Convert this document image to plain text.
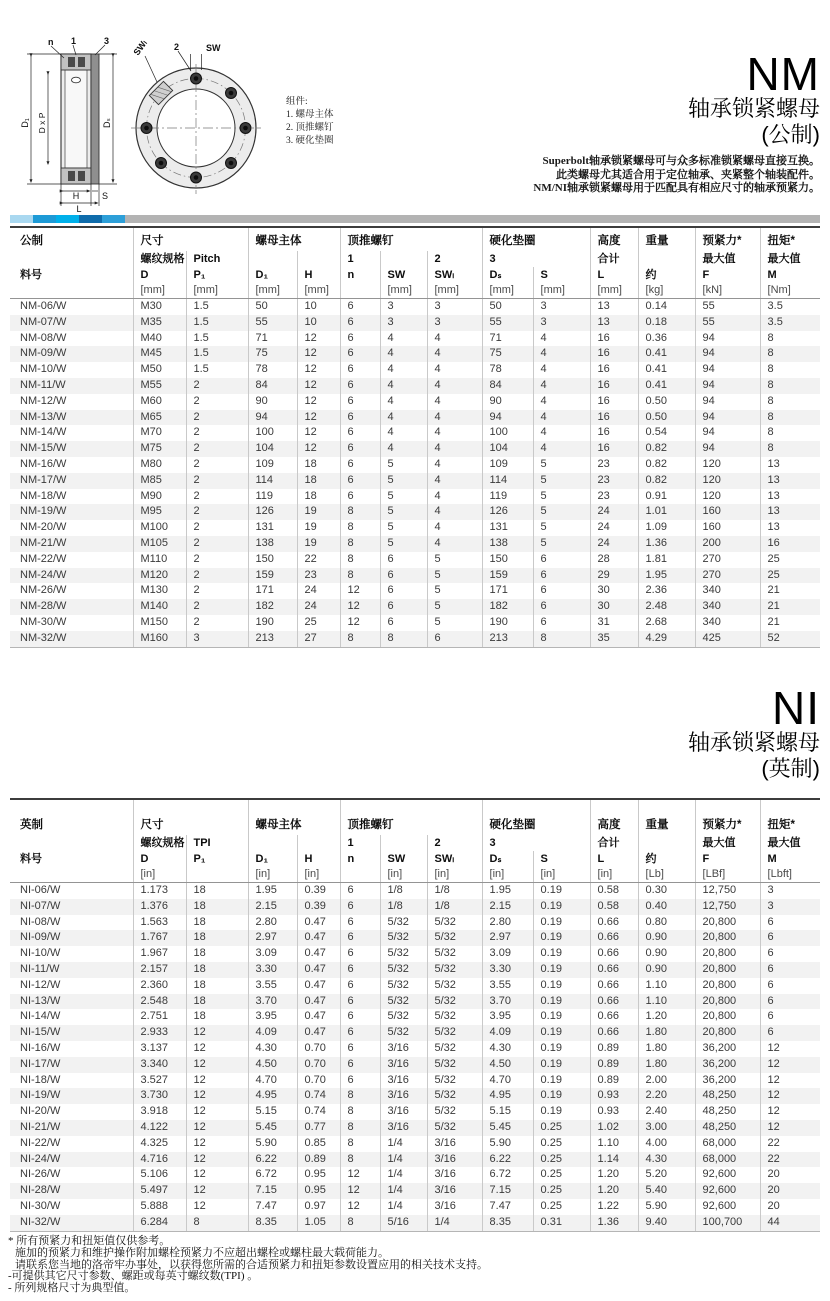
n 1	3
D₁ D x P	Dₛ
H	S
L
SWₗ	2	SW
组件:
1. 螺母主体
2. 顶推螺钉
3. 硬化垫圈
NM
轴承锁紧螺母
(公制)
Superbolt轴承锁紧螺母可与众多标准锁紧螺母直接互换。
此类螺母尤其适合用于定位轴承、夹紧整个轴装配件。
NM/NI轴承锁紧螺母用于匹配具有相应尺寸的轴承预紧力。
公制	尺寸		螺母主体		顶推螺钉			硬化垫圈		高度	重量	预紧力*	扭矩*
	螺纹规格	Pitch			1		2	3		合计		最大值	最大值
料号	D	P₁	D₁	H	n	SW	SWₗ	Dₛ	S	L	约	F	M
	[mm]	[mm]	[mm]	[mm]		[mm]	[mm]	[mm]	[mm]	[mm]	[kg]	[kN]	[Nm]
NM-06/W	M30	1.5	50	10	6	3	3	50	3	13	0.14	55	3.5
NM-07/W	M35	1.5	55	10	6	3	3	55	3	13	0.18	55	3.5
NM-08/W	M40	1.5	71	12	6	4	4	71	4	16	0.36	94	8
NM-09/W	M45	1.5	75	12	6	4	4	75	4	16	0.41	94	8
NM-10/W	M50	1.5	78	12	6	4	4	78	4	16	0.41	94	8
NM-11/W	M55	2	84	12	6	4	4	84	4	16	0.41	94	8
NM-12/W	M60	2	90	12	6	4	4	90	4	16	0.50	94	8
NM-13/W	M65	2	94	12	6	4	4	94	4	16	0.50	94	8
NM-14/W	M70	2	100	12	6	4	4	100	4	16	0.54	94	8
NM-15/W	M75	2	104	12	6	4	4	104	4	16	0.82	94	8
NM-16/W	M80	2	109	18	6	5	4	109	5	23	0.82	120	13
NM-17/W	M85	2	114	18	6	5	4	114	5	23	0.82	120	13
NM-18/W	M90	2	119	18	6	5	4	119	5	23	0.91	120	13
NM-19/W	M95	2	126	19	8	5	4	126	5	24	1.01	160	13
NM-20/W	M100	2	131	19	8	5	4	131	5	24	1.09	160	13
NM-21/W	M105	2	138	19	8	5	4	138	5	24	1.36	200	16
NM-22/W	M110	2	150	22	8	6	5	150	6	28	1.81	270	25
NM-24/W	M120	2	159	23	8	6	5	159	6	29	1.95	270	25
NM-26/W	M130	2	171	24	12	6	5	171	6	30	2.36	340	21
NM-28/W	M140	2	182	24	12	6	5	182	6	30	2.48	340	21
NM-30/W	M150	2	190	25	12	6	5	190	6	31	2.68	340	21
NM-32/W	M160	3	213	27	8	8	6	213	8	35	4.29	425	52
NI
轴承锁紧螺母
(英制)
英制	尺寸		螺母主体		顶推螺钉			硬化垫圈		高度	重量	预紧力*	扭矩*
	螺纹规格	TPI			1		2	3		合计		最大值	最大值
料号	D	P₁	D₁	H	n	SW	SWₗ	Dₛ	S	L	约	F	M
	[in]		[in]	[in]		[in]	[in]	[in]	[in]	[in]	[Lb]	[LBf]	[Lbft]
NI-06/W	1.173	18	1.95	0.39	6	1/8	1/8	1.95	0.19	0.58	0.30	12,750	3
NI-07/W	1.376	18	2.15	0.39	6	1/8	1/8	2.15	0.19	0.58	0.40	12,750	3
NI-08/W	1.563	18	2.80	0.47	6	5/32	5/32	2.80	0.19	0.66	0.80	20,800	6
NI-09/W	1.767	18	2.97	0.47	6	5/32	5/32	2.97	0.19	0.66	0.90	20,800	6
NI-10/W	1.967	18	3.09	0.47	6	5/32	5/32	3.09	0.19	0.66	0.90	20,800	6
NI-11/W	2.157	18	3.30	0.47	6	5/32	5/32	3.30	0.19	0.66	0.90	20,800	6
NI-12/W	2.360	18	3.55	0.47	6	5/32	5/32	3.55	0.19	0.66	1.10	20,800	6
NI-13/W	2.548	18	3.70	0.47	6	5/32	5/32	3.70	0.19	0.66	1.10	20,800	6
NI-14/W	2.751	18	3.95	0.47	6	5/32	5/32	3.95	0.19	0.66	1.20	20,800	6
NI-15/W	2.933	12	4.09	0.47	6	5/32	5/32	4.09	0.19	0.66	1.80	20,800	6
NI-16/W	3.137	12	4.30	0.70	6	3/16	5/32	4.30	0.19	0.89	1.80	36,200	12
NI-17/W	3.340	12	4.50	0.70	6	3/16	5/32	4.50	0.19	0.89	1.80	36,200	12
NI-18/W	3.527	12	4.70	0.70	6	3/16	5/32	4.70	0.19	0.89	2.00	36,200	12
NI-19/W	3.730	12	4.95	0.74	8	3/16	5/32	4.95	0.19	0.93	2.20	48,250	12
NI-20/W	3.918	12	5.15	0.74	8	3/16	5/32	5.15	0.19	0.93	2.40	48,250	12
NI-21/W	4.122	12	5.45	0.77	8	3/16	5/32	5.45	0.25	1.02	3.00	48,250	12
NI-22/W	4.325	12	5.90	0.85	8	1/4	3/16	5.90	0.25	1.10	4.00	68,000	22
NI-24/W	4.716	12	6.22	0.89	8	1/4	3/16	6.22	0.25	1.14	4.30	68,000	22
NI-26/W	5.106	12	6.72	0.95	12	1/4	3/16	6.72	0.25	1.20	5.20	92,600	20
NI-28/W	5.497	12	7.15	0.95	12	1/4	3/16	7.15	0.25	1.20	5.40	92,600	20
NI-30/W	5.888	12	7.47	0.97	12	1/4	3/16	7.47	0.25	1.22	5.90	92,600	20
NI-32/W	6.284	8	8.35	1.05	8	5/16	1/4	8.35	0.31	1.36	9.40	100,700	44
* 所有预紧力和扭矩值仅供参考。
施加的预紧力和维护操作附加螺栓预紧力不应超出螺栓或螺柱最大载荷能力。
请联系您当地的洛帝牢办事处，以获得您所需的合适预紧力和扭矩参数设置应用的相关技术支持。
-可提供其它尺寸参数、螺距或每英寸螺纹数(TPI) 。
- 所列规格尺寸为典型值。
